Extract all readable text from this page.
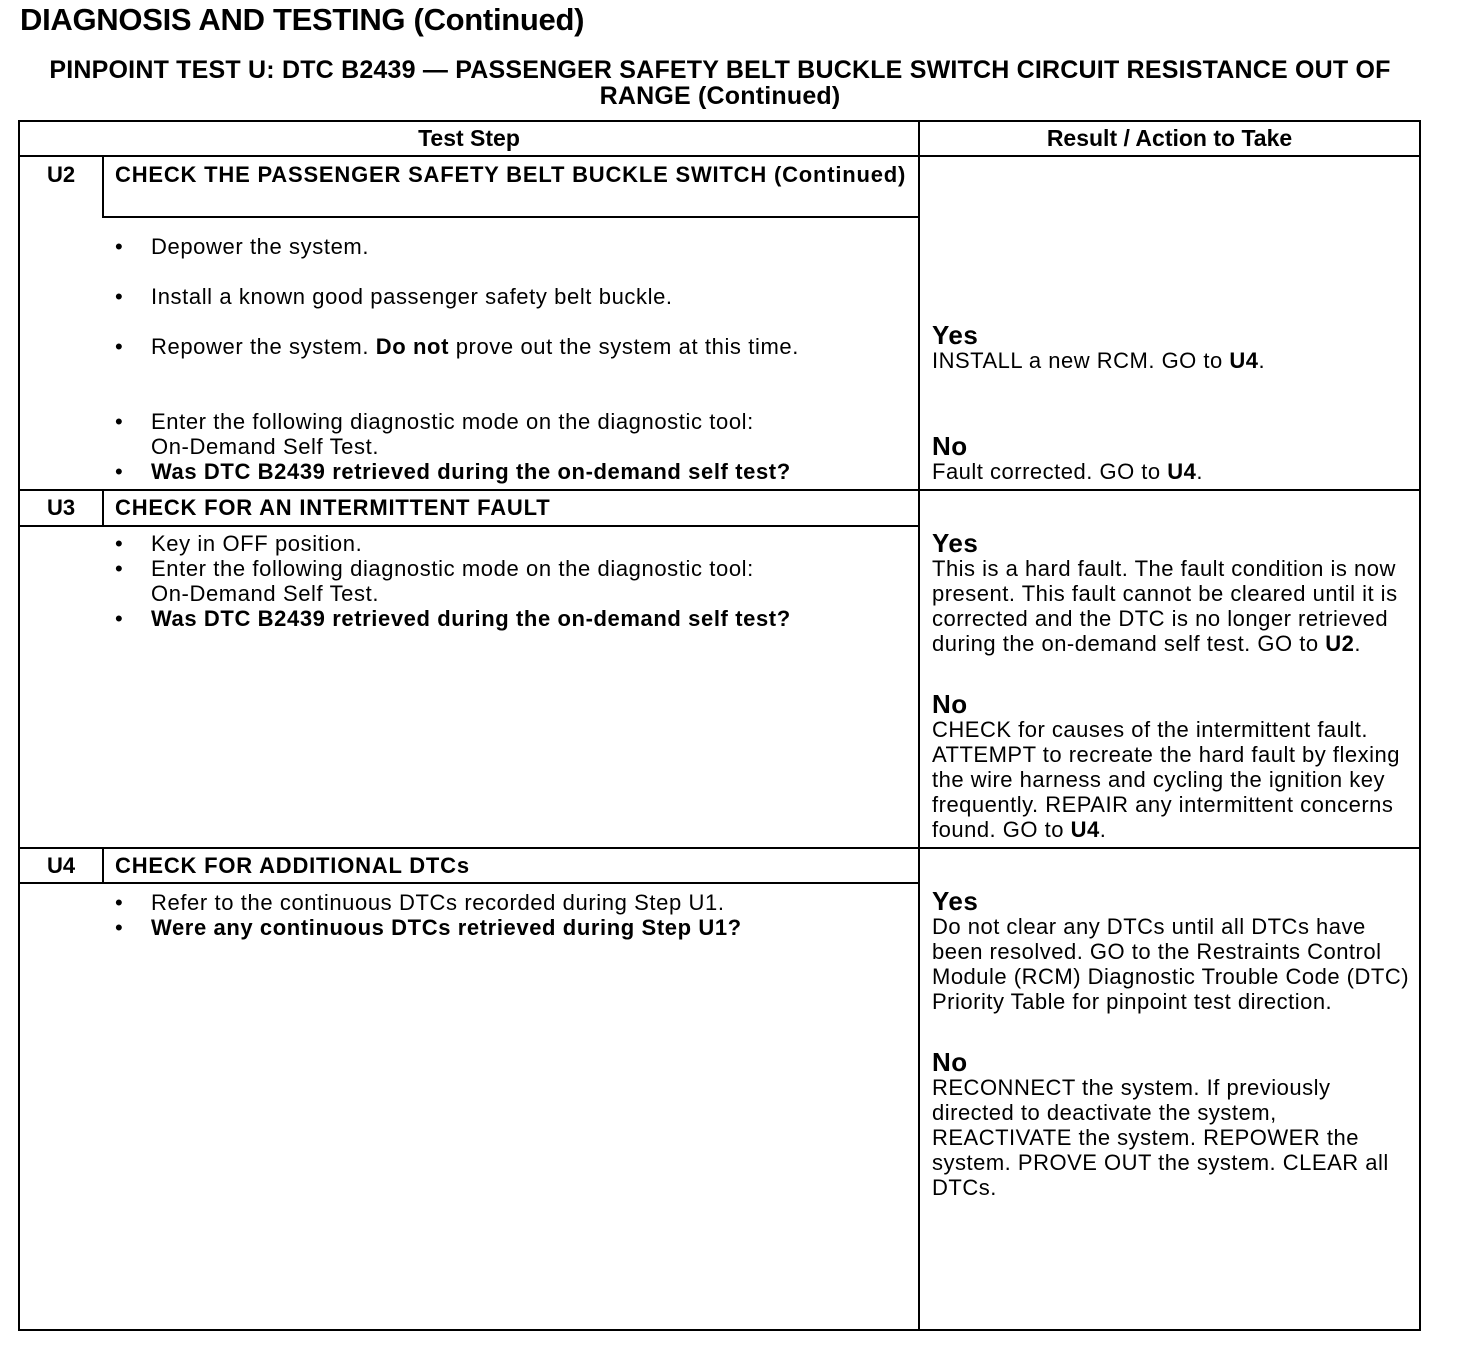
DIAGNOSIS AND TESTING (Continued)
PINPOINT TEST U: DTC B2439 — PASSENGER SAFETY BELT BUCKLE SWITCH CIRCUIT RESISTANCE OUT OF RANGE (Continued)
Test Step	Result / Action to Take
U2	CHECK THE PASSENGER SAFETY BELT BUCKLE SWITCH (Continued)
•	Depower the system.
•	Install a known good passenger safety belt buckle.
•	Repower the system. Do not prove out the system at this time.
•	Enter the following diagnostic mode on the diagnostic tool:
On-Demand Self Test.
•	Was DTC B2439 retrieved during the on-demand self test?
Yes
INSTALL a new RCM. GO to U4.
No
Fault corrected. GO to U4.
U3	CHECK FOR AN INTERMITTENT FAULT
•	Key in OFF position.
•	Enter the following diagnostic mode on the diagnostic tool:
On-Demand Self Test.
•	Was DTC B2439 retrieved during the on-demand self test?
Yes
This is a hard fault. The fault condition is now present. This fault cannot be cleared until it is corrected and the DTC is no longer retrieved during the on-demand self test. GO to U2.
No
CHECK for causes of the intermittent fault. ATTEMPT to recreate the hard fault by flexing the wire harness and cycling the ignition key frequently. REPAIR any intermittent concerns found. GO to U4.
U4	CHECK FOR ADDITIONAL DTCs
•	Refer to the continuous DTCs recorded during Step U1.
•	Were any continuous DTCs retrieved during Step U1?
Yes
Do not clear any DTCs until all DTCs have been resolved. GO to the Restraints Control Module (RCM) Diagnostic Trouble Code (DTC) Priority Table for pinpoint test direction.
No
RECONNECT the system. If previously directed to deactivate the system, REACTIVATE the system. REPOWER the system. PROVE OUT the system. CLEAR all DTCs.
